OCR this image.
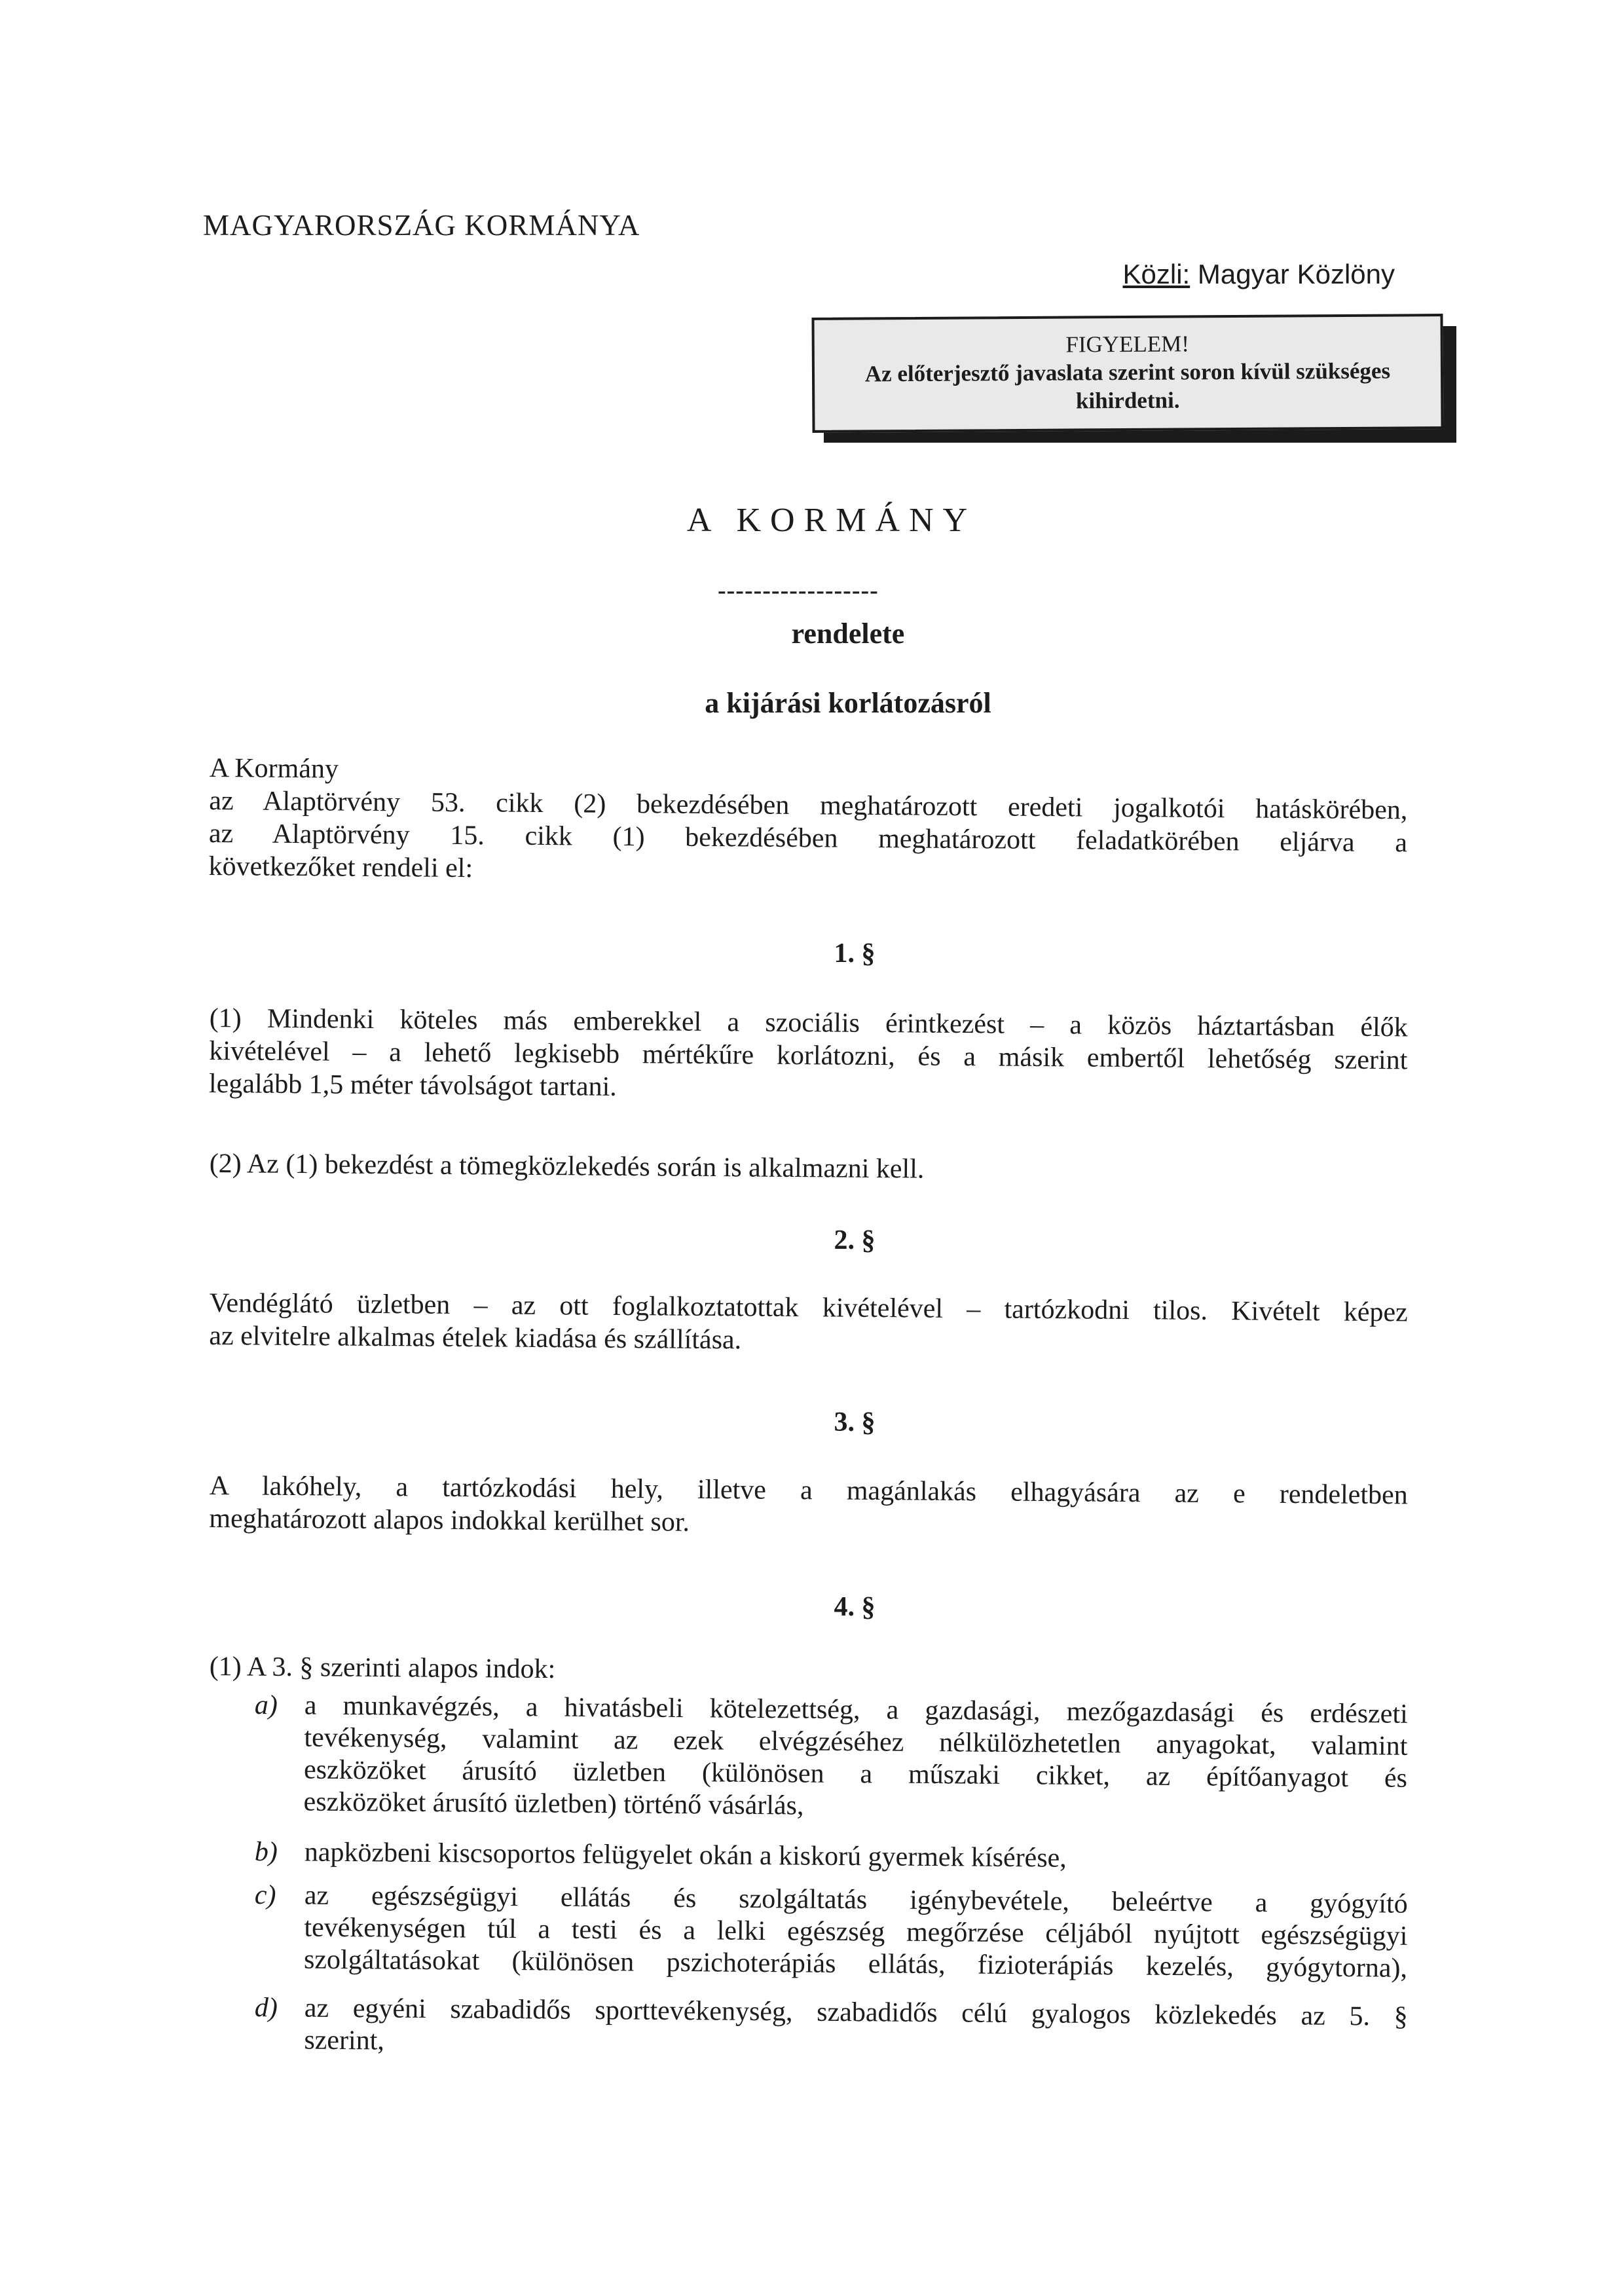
MAGYARORSZÁG KORMÁNYA
Közli: Magyar Közlöny
FIGYELEM!
Az előterjesztő javaslata szerint soron kívül szükséges
kihirdetni.
A KORMÁNY
------------------
rendelete
a kijárási korlátozásról
A Kormány
az Alaptörvény 53. cikk (2) bekezdésében meghatározott eredeti jogalkotói hatáskörében,
az Alaptörvény 15. cikk (1) bekezdésében meghatározott feladatkörében eljárva a
következőket rendeli el:
1. §
(1) Mindenki köteles más emberekkel a szociális érintkezést – a közös háztartásban élők
kivételével – a lehető legkisebb mértékűre korlátozni, és a másik embertől lehetőség szerint
legalább 1,5 méter távolságot tartani.
(2) Az (1) bekezdést a tömegközlekedés során is alkalmazni kell.
2. §
Vendéglátó üzletben – az ott foglalkoztatottak kivételével – tartózkodni tilos. Kivételt képez
az elvitelre alkalmas ételek kiadása és szállítása.
3. §
A lakóhely, a tartózkodási hely, illetve a magánlakás elhagyására az e rendeletben
meghatározott alapos indokkal kerülhet sor.
4. §
(1) A 3. § szerinti alapos indok:
a) a munkavégzés, a hivatásbeli kötelezettség, a gazdasági, mezőgazdasági és erdészeti
tevékenység, valamint az ezek elvégzéséhez nélkülözhetetlen anyagokat, valamint
eszközöket árusító üzletben (különösen a műszaki cikket, az építőanyagot és
eszközöket árusító üzletben) történő vásárlás,
b) napközbeni kiscsoportos felügyelet okán a kiskorú gyermek kísérése,
c)	az egészségügyi ellátás és szolgáltatás igénybevétele, beleértve a gyógyító
tevékenységen túl a testi és a lelki egészség megőrzése céljából nyújtott egészségügyi
szolgáltatásokat (különösen pszichoterápiás ellátás, fizioterápiás kezelés, gyógytorna),
d) az egyéni szabadidős sporttevékenység, szabadidős célú gyalogos közlekedés az 5. §
szerint,
